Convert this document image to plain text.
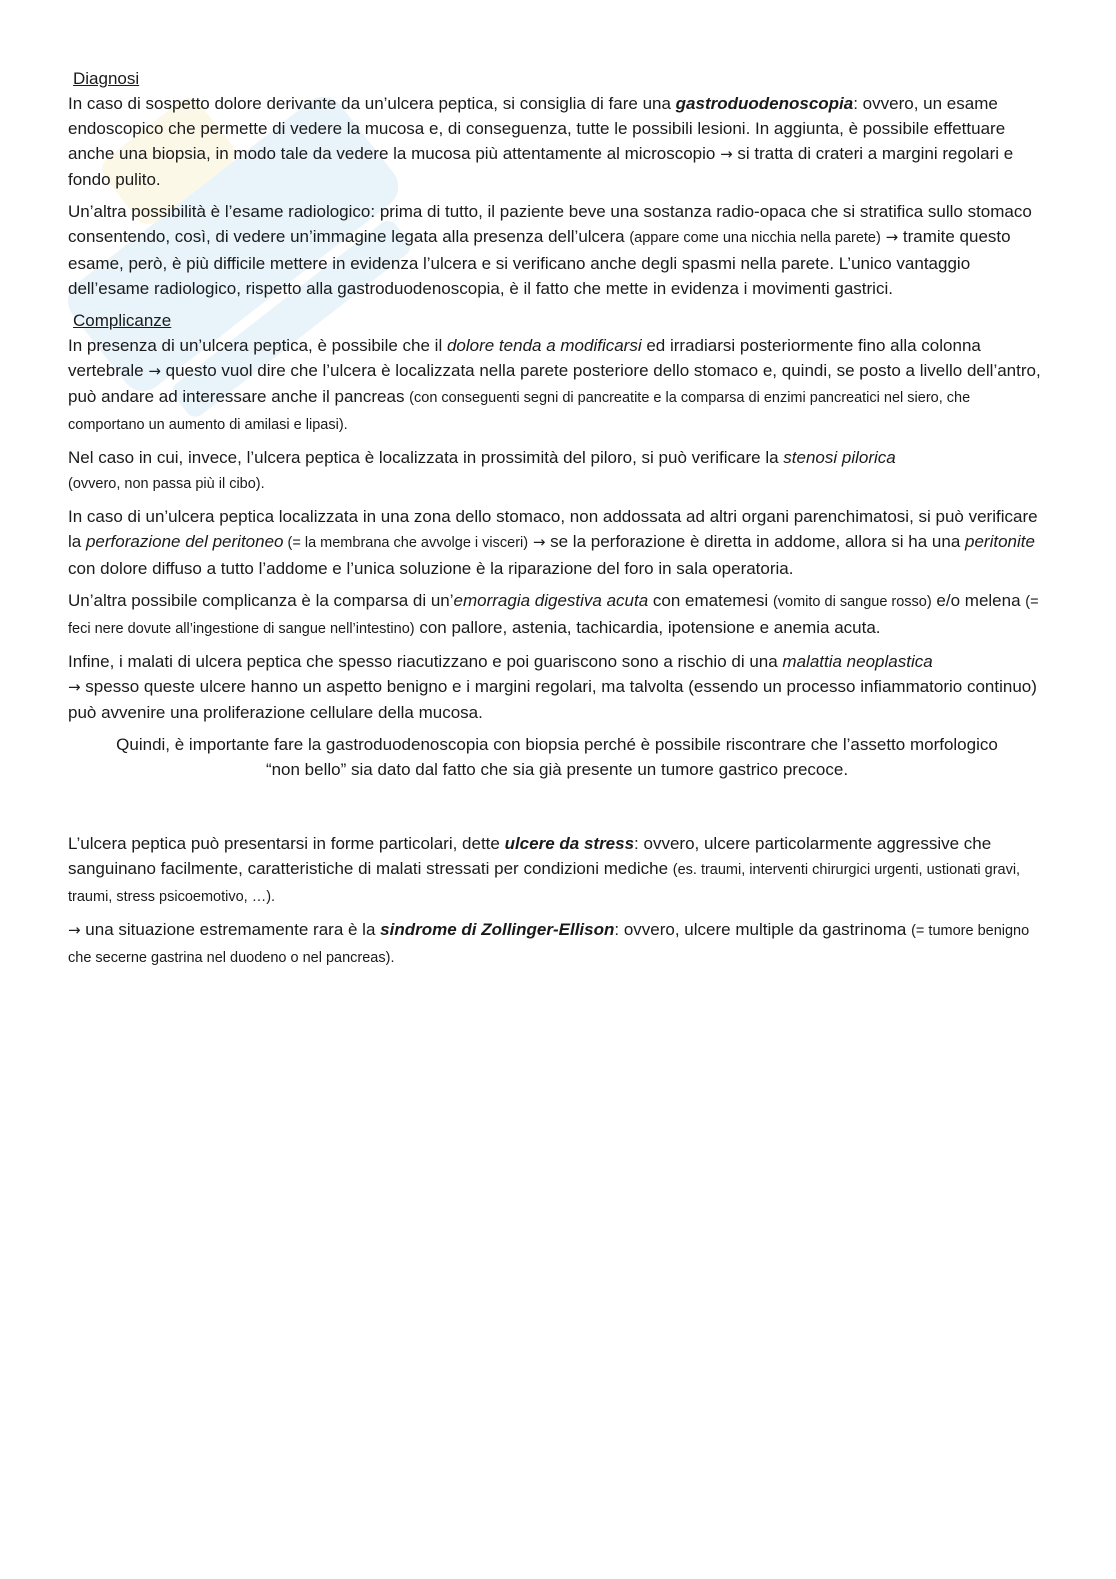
Diagnosi

In caso di sospetto dolore derivante da un’ulcera peptica, si consiglia di fare una gastroduodenoscopia: ovvero, un esame endoscopico che permette di vedere la mucosa e, di conseguenza, tutte le possibili lesioni. In aggiunta, è possibile effettuare anche una biopsia, in modo tale da vedere la mucosa più attentamente al microscopio → si tratta di crateri a margini regolari e fondo pulito.

Un’altra possibilità è l’esame radiologico: prima di tutto, il paziente beve una sostanza radio-opaca che si stratifica sullo stomaco consentendo, così, di vedere un’immagine legata alla presenza dell’ulcera (appare come una nicchia nella parete) → tramite questo esame, però, è più difficile mettere in evidenza l’ulcera e si verificano anche degli spasmi nella parete. L’unico vantaggio dell’esame radiologico, rispetto alla gastroduodenoscopia, è il fatto che mette in evidenza i movimenti gastrici.

Complicanze

In presenza di un’ulcera peptica, è possibile che il dolore tenda a modificarsi ed irradiarsi posteriormente fino alla colonna vertebrale → questo vuol dire che l’ulcera è localizzata nella parete posteriore dello stomaco e, quindi, se posto a livello dell’antro, può andare ad interessare anche il pancreas (con conseguenti segni di pancreatite e la comparsa di enzimi pancreatici nel siero, che comportano un aumento di amilasi e lipasi).

Nel caso in cui, invece, l’ulcera peptica è localizzata in prossimità del piloro, si può verificare la stenosi pilorica
(ovvero, non passa più il cibo).

In caso di un’ulcera peptica localizzata in una zona dello stomaco, non addossata ad altri organi parenchimatosi, si può verificare la perforazione del peritoneo (= la membrana che avvolge i visceri) → se la perforazione è diretta in addome, allora si ha una peritonite con dolore diffuso a tutto l’addome e l’unica soluzione è la riparazione del foro in sala operatoria.

Un’altra possibile complicanza è la comparsa di un’emorragia digestiva acuta con ematemesi (vomito di sangue rosso) e/o melena (= feci nere dovute all’ingestione di sangue nell’intestino) con pallore, astenia, tachicardia, ipotensione e anemia acuta.

Infine, i malati di ulcera peptica che spesso riacutizzano e poi guariscono sono a rischio di una malattia neoplastica
→ spesso queste ulcere hanno un aspetto benigno e i margini regolari, ma talvolta (essendo un processo infiammatorio continuo) può avvenire una proliferazione cellulare della mucosa.

Quindi, è importante fare la gastroduodenoscopia con biopsia perché è possibile riscontrare che l’assetto morfologico “non bello” sia dato dal fatto che sia già presente un tumore gastrico precoce.

L’ulcera peptica può presentarsi in forme particolari, dette ulcere da stress: ovvero, ulcere particolarmente aggressive che sanguinano facilmente, caratteristiche di malati stressati per condizioni mediche (es. traumi, interventi chirurgici urgenti, ustionati gravi, traumi, stress psicoemotivo, …).

→ una situazione estremamente rara è la sindrome di Zollinger-Ellison: ovvero, ulcere multiple da gastrinoma (= tumore benigno che secerne gastrina nel duodeno o nel pancreas).
